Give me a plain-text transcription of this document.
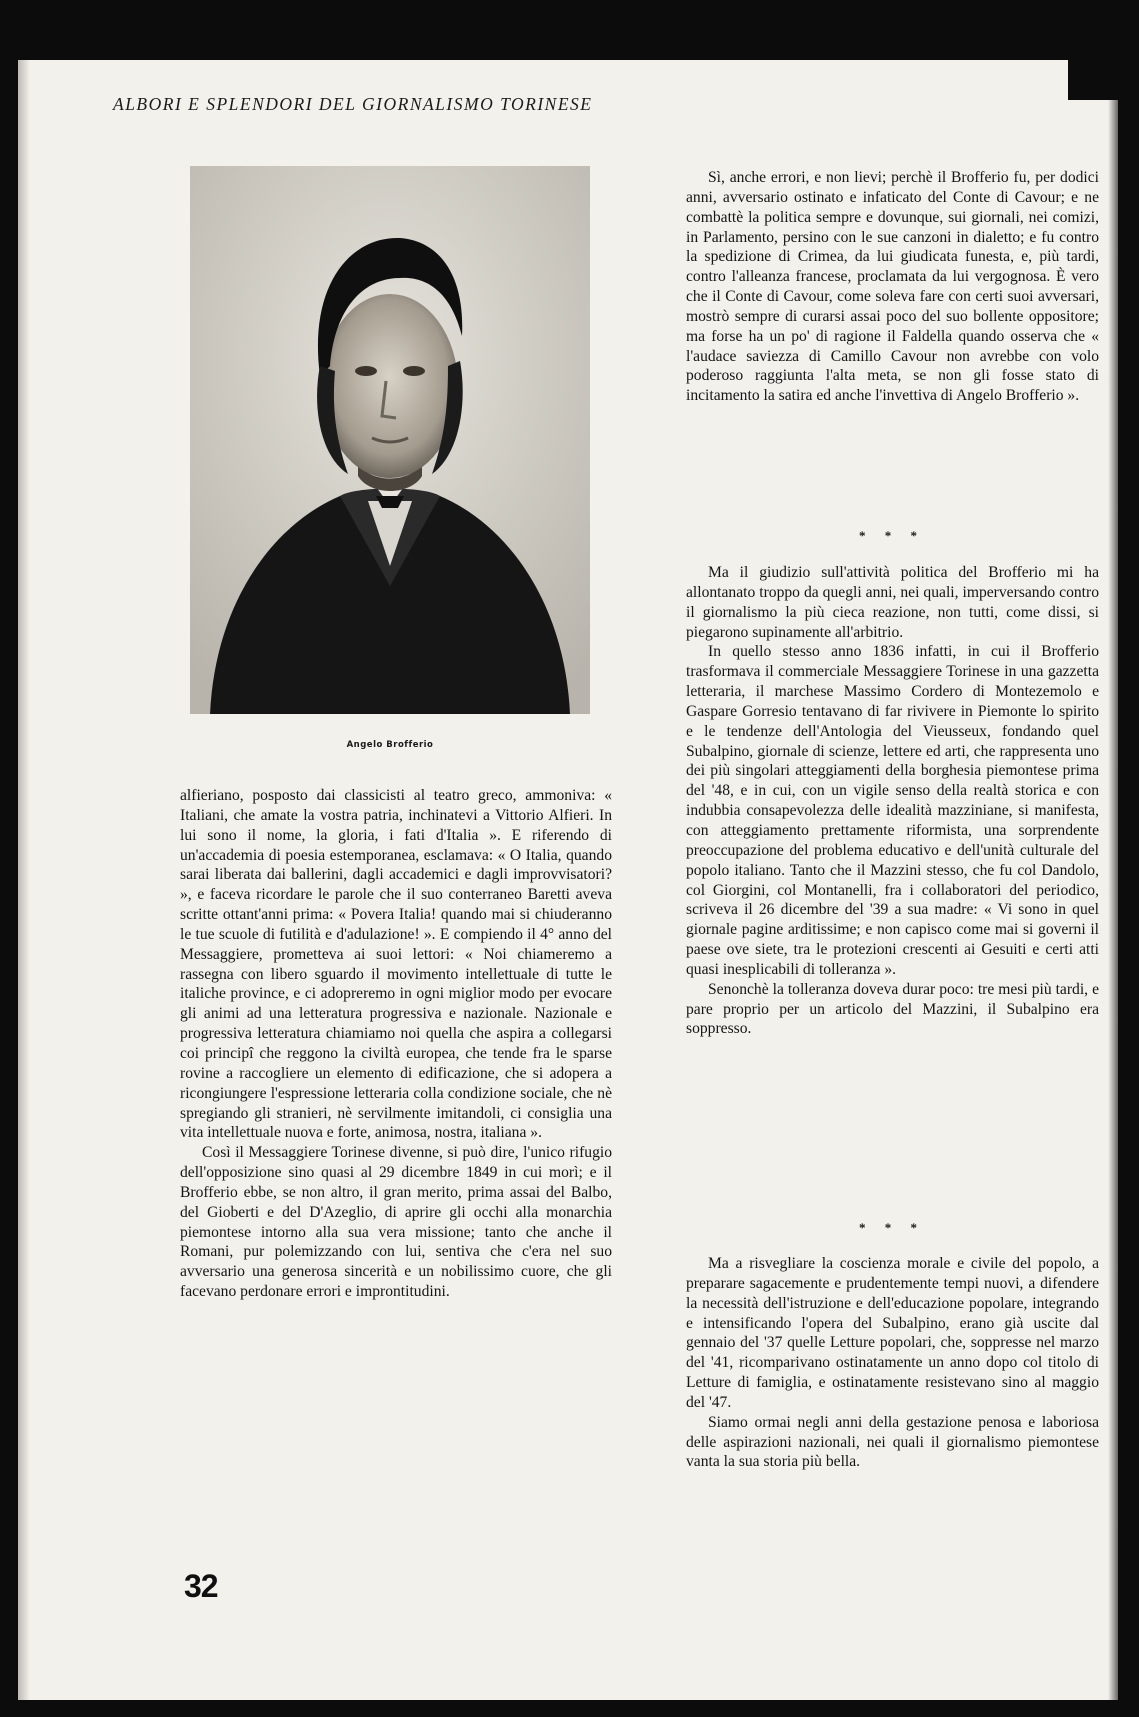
ALBORI E SPLENDORI DEL GIORNALISMO TORINESE
Angelo Brofferio

Sì, anche errori, e non lievi; perchè il Brofferio fu, per dodici anni, avversario ostinato e infaticato del Conte di Cavour; e ne combattè la politica sempre e dovunque, sui giornali, nei comizi, in Parlamento, persino con le sue canzoni in dialetto; e fu contro la spedizione di Crimea, da lui giudicata funesta, e, più tardi, contro l'alleanza francese, proclamata da lui vergognosa. È vero che il Conte di Cavour, come soleva fare con certi suoi avversari, mostrò sempre di curarsi assai poco del suo bollente oppositore; ma forse ha un po' di ragione il Faldella quando osserva che « l'audace saviezza di Camillo Cavour non avrebbe con volo poderoso raggiunta l'alta meta, se non gli fosse stato di incitamento la satira ed anche l'invettiva di Angelo Brofferio ».

* * *

Ma il giudizio sull'attività politica del Brofferio mi ha allontanato troppo da quegli anni, nei quali, imperversando contro il giornalismo la più cieca reazione, non tutti, come dissi, si piegarono supinamente all'arbitrio.

In quello stesso anno 1836 infatti, in cui il Brofferio trasformava il commerciale Messaggiere Torinese in una gazzetta letteraria, il marchese Massimo Cordero di Montezemolo e Gaspare Gorresio tentavano di far rivivere in Piemonte lo spirito e le tendenze dell'Antologia del Vieusseux, fondando quel Subalpino, giornale di scienze, lettere ed arti, che rappresenta uno dei più singolari atteggiamenti della borghesia piemontese prima del '48, e in cui, con un vigile senso della realtà storica e con indubbia consapevolezza delle idealità mazziniane, si manifesta, con atteggiamento prettamente riformista, una sorprendente preoccupazione del problema educativo e dell'unità culturale del popolo italiano. Tanto che il Mazzini stesso, che fu col Dandolo, col Giorgini, col Montanelli, fra i collaboratori del periodico, scriveva il 26 dicembre del '39 a sua madre: « Vi sono in quel giornale pagine arditissime; e non capisco come mai si governi il paese ove siete, tra le protezioni crescenti ai Gesuiti e certi atti quasi inesplicabili di tolleranza ».

Senonchè la tolleranza doveva durar poco: tre mesi più tardi, e pare proprio per un articolo del Mazzini, il Subalpino era soppresso.

* * *

Ma a risvegliare la coscienza morale e civile del popolo, a preparare sagacemente e prudentemente tempi nuovi, a difendere la necessità dell'istruzione e dell'educazione popolare, integrando e intensificando l'opera del Subalpino, erano già uscite dal gennaio del '37 quelle Letture popolari, che, soppresse nel marzo del '41, ricomparivano ostinatamente un anno dopo col titolo di Letture di famiglia, e ostinatamente resistevano sino al maggio del '47.

Siamo ormai negli anni della gestazione penosa e laboriosa delle aspirazioni nazionali, nei quali il giornalismo piemontese vanta la sua storia più bella.

alfieriano, posposto dai classicisti al teatro greco, ammoniva: « Italiani, che amate la vostra patria, inchinatevi a Vittorio Alfieri. In lui sono il nome, la gloria, i fati d'Italia ». E riferendo di un'accademia di poesia estemporanea, esclamava: « O Italia, quando sarai liberata dai ballerini, dagli accademici e dagli improvvisatori? », e faceva ricordare le parole che il suo conterraneo Baretti aveva scritte ottant'anni prima: « Povera Italia! quando mai si chiuderanno le tue scuole di futilità e d'adulazione! ». E compiendo il 4° anno del Messaggiere, prometteva ai suoi lettori: « Noi chiameremo a rassegna con libero sguardo il movimento intellettuale di tutte le italiche province, e ci adopreremo in ogni miglior modo per evocare gli animi ad una letteratura progressiva e nazionale. Nazionale e progressiva letteratura chiamiamo noi quella che aspira a collegarsi coi principî che reggono la civiltà europea, che tende fra le sparse rovine a raccogliere un elemento di edificazione, che si adopera a ricongiungere l'espressione letteraria colla condizione sociale, che nè spregiando gli stranieri, nè servilmente imitandoli, ci consiglia una vita intellettuale nuova e forte, animosa, nostra, italiana ».

Così il Messaggiere Torinese divenne, si può dire, l'unico rifugio dell'opposizione sino quasi al 29 dicembre 1849 in cui morì; e il Brofferio ebbe, se non altro, il gran merito, prima assai del Balbo, del Gioberti e del D'Azeglio, di aprire gli occhi alla monarchia piemontese intorno alla sua vera missione; tanto che anche il Romani, pur polemizzando con lui, sentiva che c'era nel suo avversario una generosa sincerità e un nobilissimo cuore, che gli facevano perdonare errori e improntitudini.

32
